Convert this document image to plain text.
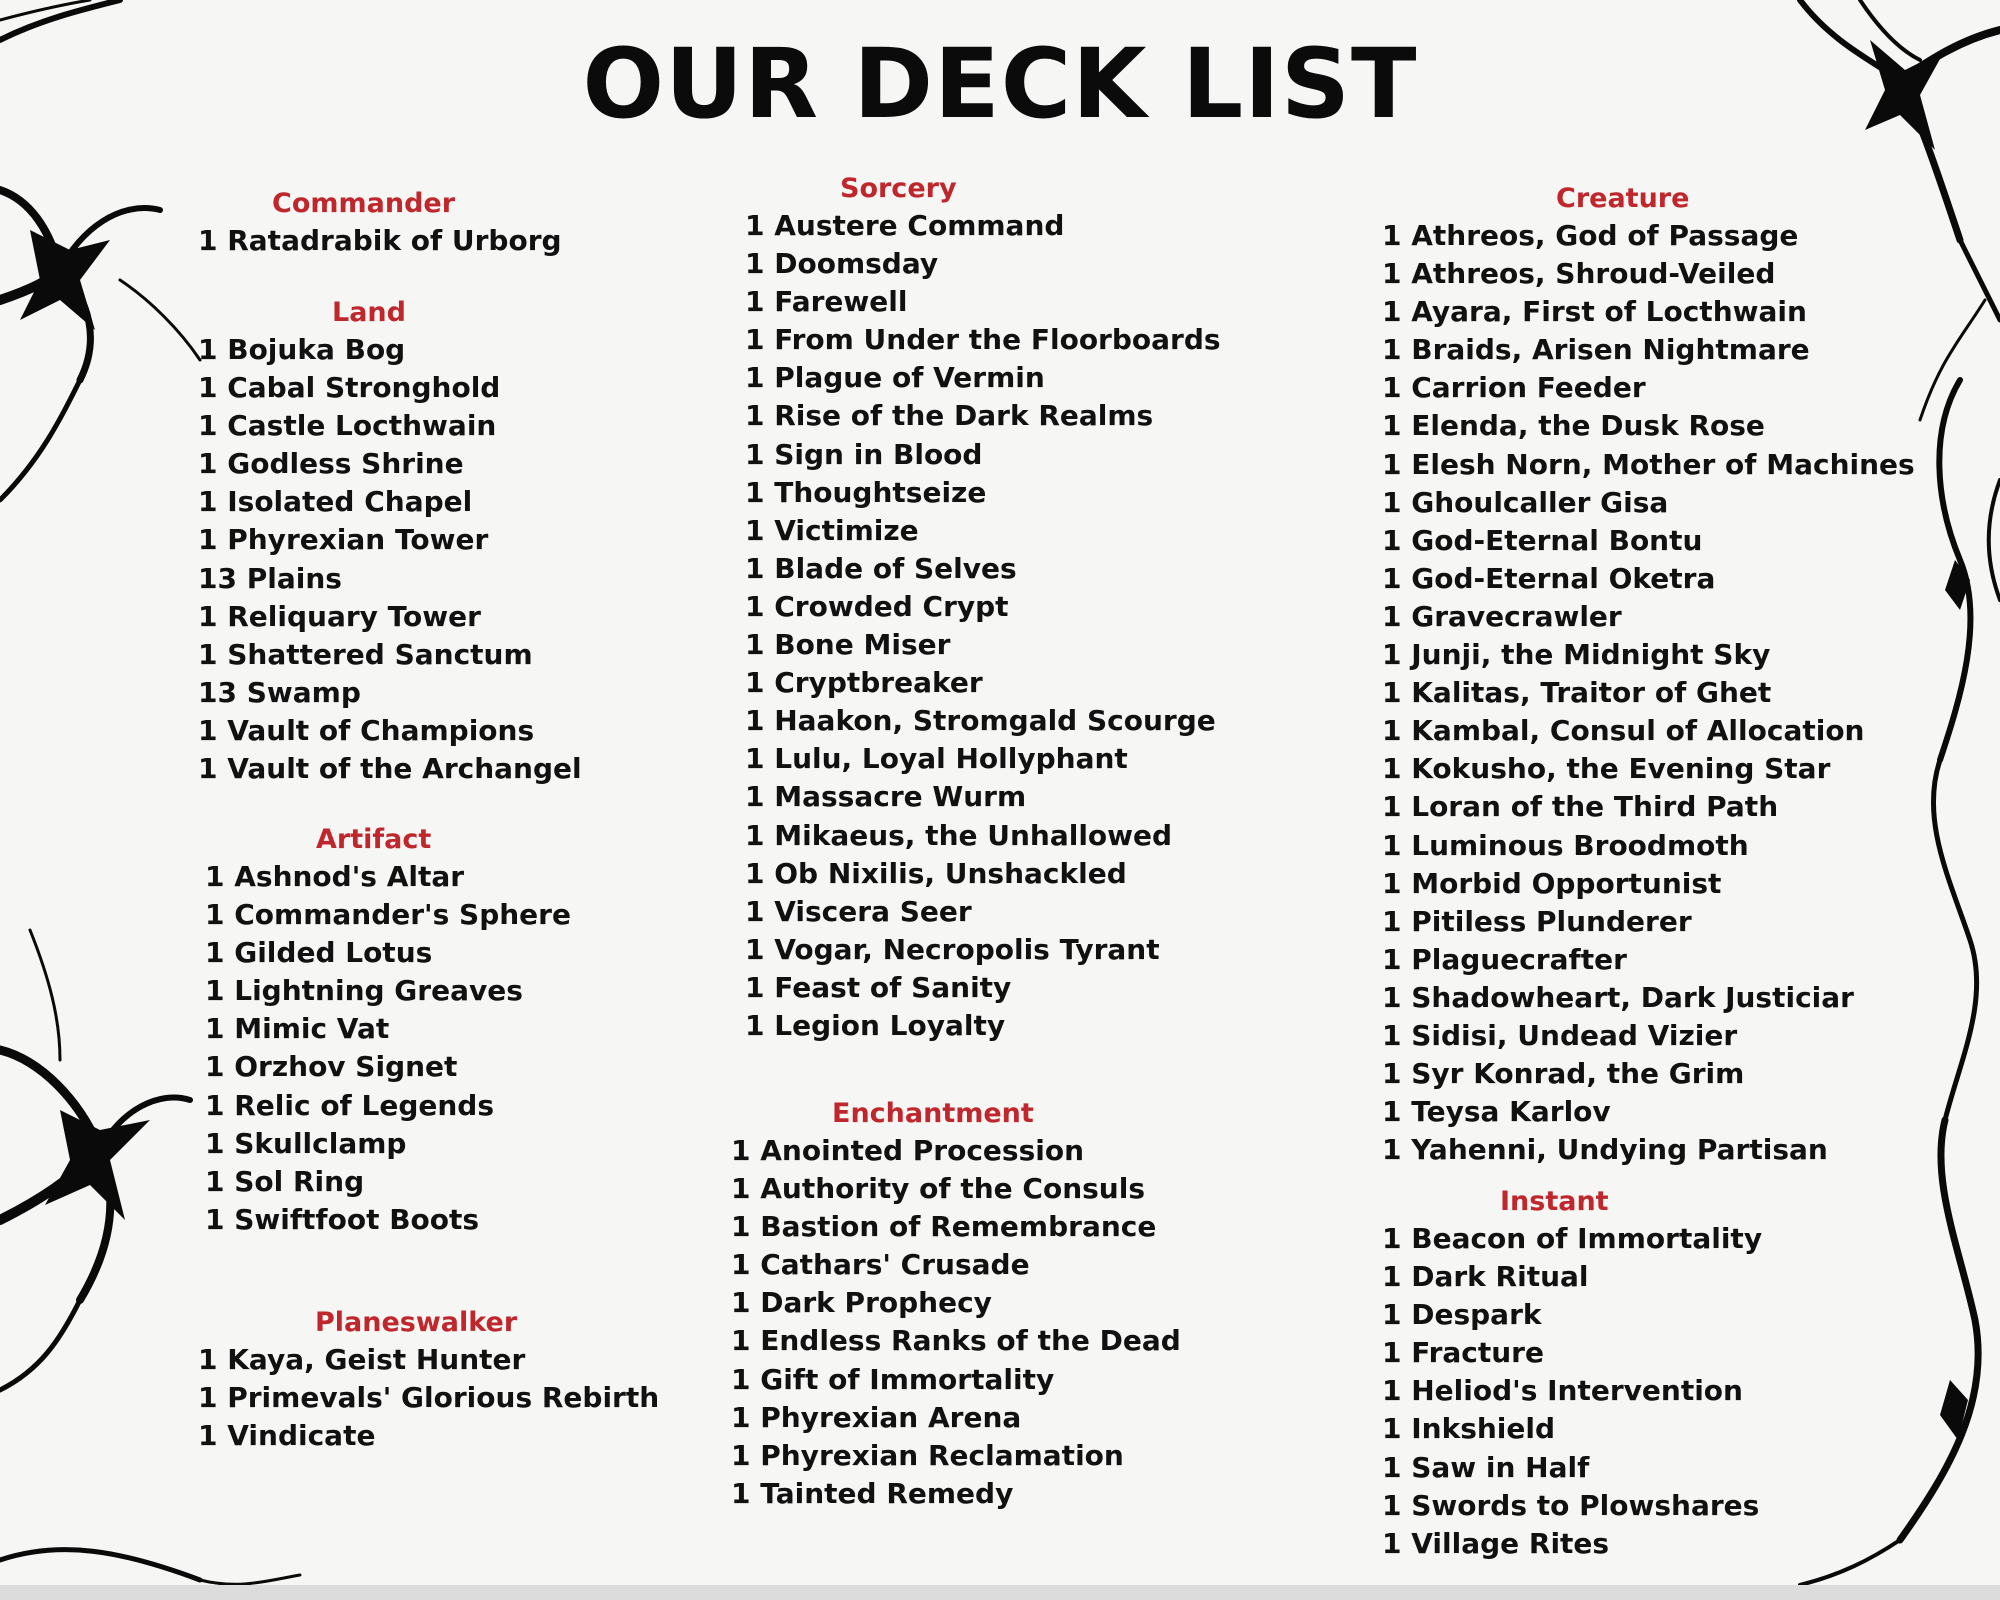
OUR DECK LIST
Commander
1 Ratadrabik of Urborg
Land
1 Bojuka Bog
1 Cabal Stronghold
1 Castle Locthwain
1 Godless Shrine
1 Isolated Chapel
1 Phyrexian Tower
13 Plains
1 Reliquary Tower
1 Shattered Sanctum
13 Swamp
1 Vault of Champions
1 Vault of the Archangel
Artifact
1 Ashnod's Altar
1 Commander's Sphere
1 Gilded Lotus
1 Lightning Greaves
1 Mimic Vat
1 Orzhov Signet
1 Relic of Legends
1 Skullclamp
1 Sol Ring
1 Swiftfoot Boots
Planeswalker
1 Kaya, Geist Hunter
1 Primevals' Glorious Rebirth
1 Vindicate
Sorcery
1 Austere Command
1 Doomsday
1 Farewell
1 From Under the Floorboards
1 Plague of Vermin
1 Rise of the Dark Realms
1 Sign in Blood
1 Thoughtseize
1 Victimize
1 Blade of Selves
1 Crowded Crypt
1 Bone Miser
1 Cryptbreaker
1 Haakon, Stromgald Scourge
1 Lulu, Loyal Hollyphant
1 Massacre Wurm
1 Mikaeus, the Unhallowed
1 Ob Nixilis, Unshackled
1 Viscera Seer
1 Vogar, Necropolis Tyrant
1 Feast of Sanity
1 Legion Loyalty
Enchantment
1 Anointed Procession
1 Authority of the Consuls
1 Bastion of Remembrance
1 Cathars' Crusade
1 Dark Prophecy
1 Endless Ranks of the Dead
1 Gift of Immortality
1 Phyrexian Arena
1 Phyrexian Reclamation
1 Tainted Remedy
Creature
1 Athreos, God of Passage
1 Athreos, Shroud-Veiled
1 Ayara, First of Locthwain
1 Braids, Arisen Nightmare
1 Carrion Feeder
1 Elenda, the Dusk Rose
1 Elesh Norn, Mother of Machines
1 Ghoulcaller Gisa
1 God-Eternal Bontu
1 God-Eternal Oketra
1 Gravecrawler
1 Junji, the Midnight Sky
1 Kalitas, Traitor of Ghet
1 Kambal, Consul of Allocation
1 Kokusho, the Evening Star
1 Loran of the Third Path
1 Luminous Broodmoth
1 Morbid Opportunist
1 Pitiless Plunderer
1 Plaguecrafter
1 Shadowheart, Dark Justiciar
1 Sidisi, Undead Vizier
1 Syr Konrad, the Grim
1 Teysa Karlov
1 Yahenni, Undying Partisan
Instant
1 Beacon of Immortality
1 Dark Ritual
1 Despark
1 Fracture
1 Heliod's Intervention
1 Inkshield
1 Saw in Half
1 Swords to Plowshares
1 Village Rites
